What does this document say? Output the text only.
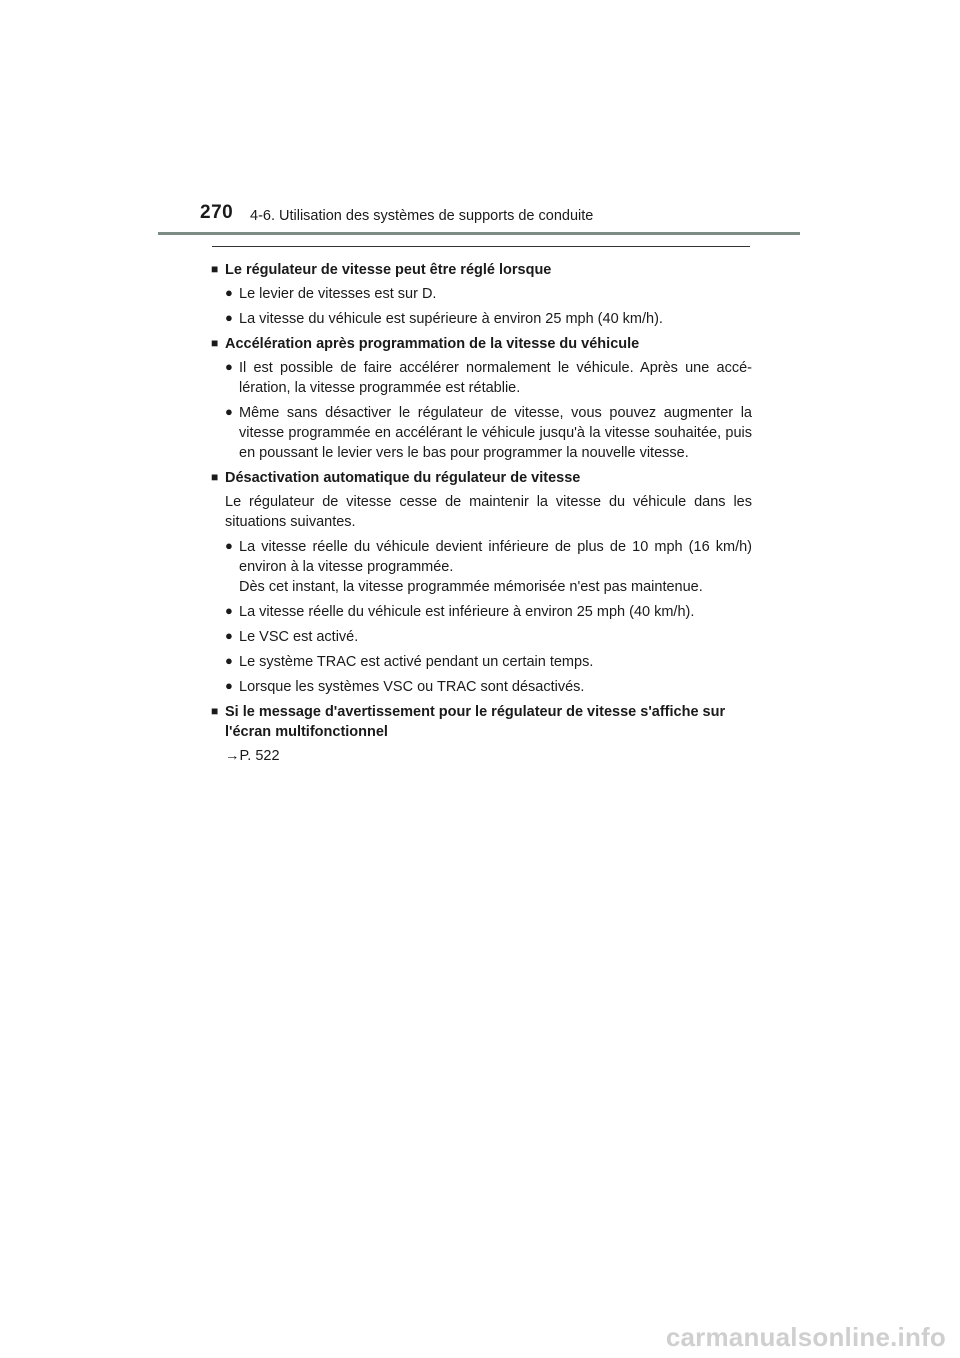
270 4-6. Utilisation des systèmes de supports de conduite
■ Le régulateur de vitesse peut être réglé lorsque
● Le levier de vitesses est sur D.
● La vitesse du véhicule est supérieure à environ 25 mph (40 km/h).
■ Accélération après programmation de la vitesse du véhicule
● Il est possible de faire accélérer normalement le véhicule. Après une accé-lération, la vitesse programmée est rétablie.
● Même sans désactiver le régulateur de vitesse, vous pouvez augmenter la vitesse programmée en accélérant le véhicule jusqu'à la vitesse souhaitée, puis en poussant le levier vers le bas pour programmer la nouvelle vitesse.
■ Désactivation automatique du régulateur de vitesse
Le régulateur de vitesse cesse de maintenir la vitesse du véhicule dans les situations suivantes.
● La vitesse réelle du véhicule devient inférieure de plus de 10 mph (16 km/h) environ à la vitesse programmée.
Dès cet instant, la vitesse programmée mémorisée n'est pas maintenue.
● La vitesse réelle du véhicule est inférieure à environ 25 mph (40 km/h).
● Le VSC est activé.
● Le système TRAC est activé pendant un certain temps.
● Lorsque les systèmes VSC ou TRAC sont désactivés.
■ Si le message d'avertissement pour le régulateur de vitesse s'affiche sur l'écran multifonctionnel
→P. 522
carmanualsonline.info
